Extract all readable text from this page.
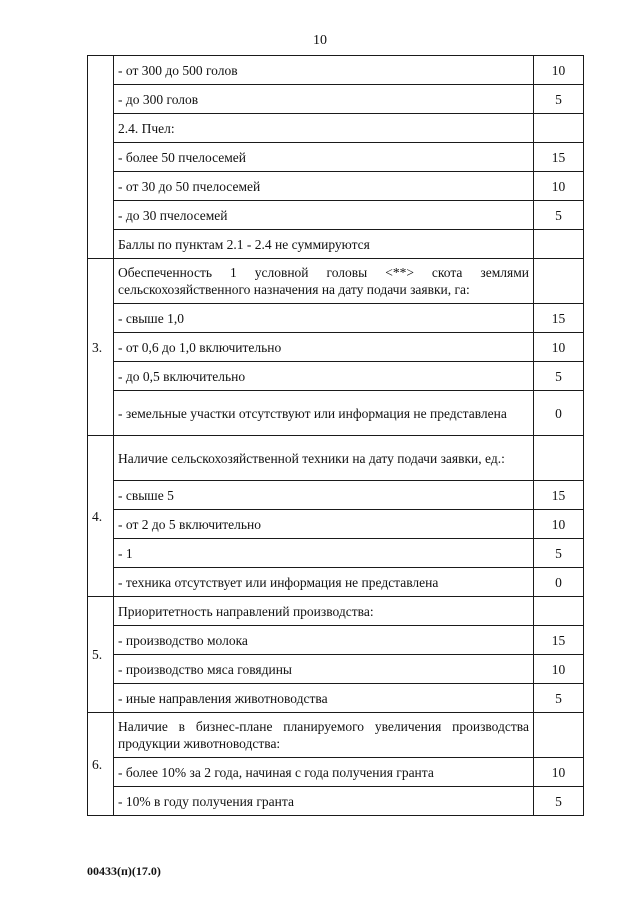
10
	- от 300 до 500 голов	10
	- до 300 голов	5
	2.4. Пчел:	
	- более 50 пчелосемей	15
	- от 30 до 50 пчелосемей	10
	- до 30 пчелосемей	5
	Баллы по пунктам 2.1 - 2.4 не суммируются	
3.	Обеспеченность 1 условной головы <**> скота землями сельскохозяйственного назначения на дату подачи заявки, га:	
	- свыше 1,0	15
	- от 0,6 до 1,0 включительно	10
	- до 0,5 включительно	5
	- земельные участки отсутствуют или информация не представлена	0
4.	Наличие сельскохозяйственной техники на дату подачи заявки, ед.:	
	- свыше 5	15
	- от 2 до 5 включительно	10
	- 1	5
	- техника отсутствует или информация не представлена	0
5.	Приоритетность направлений производства:	
	- производство молока	15
	- производство мяса говядины	10
	- иные направления животноводства	5
6.	Наличие в бизнес-плане планируемого увеличения производства продукции животноводства:	
	- более 10% за 2 года, начиная с года получения гранта	10
	- 10% в году получения гранта	5
00433(п)(17.0)
